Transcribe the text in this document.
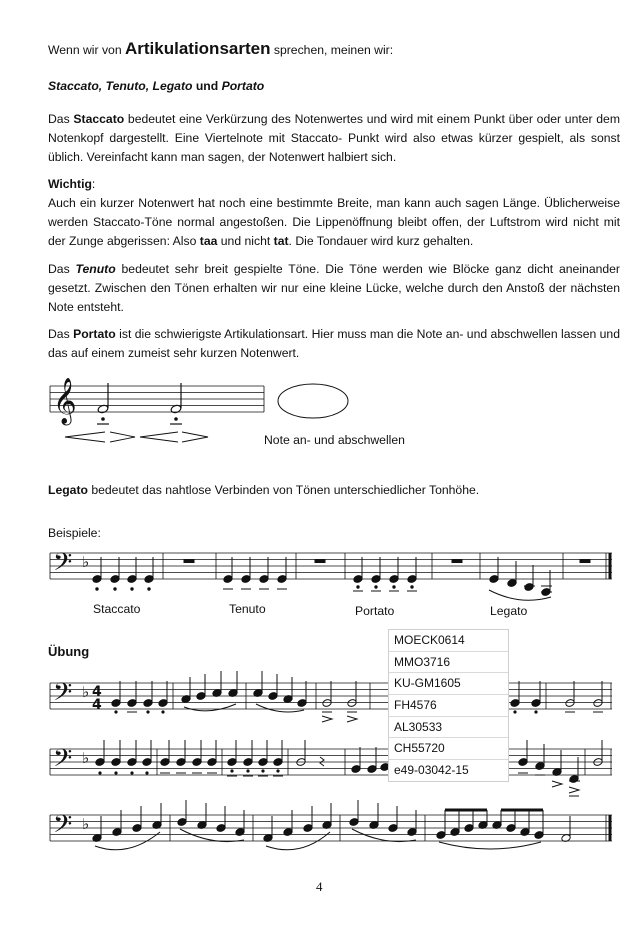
Wenn wir von Artikulationsarten sprechen, meinen wir:

Staccato, Tenuto, Legato und Portato

Das Staccato bedeutet eine Verkürzung des Notenwertes und wird mit einem Punkt über oder unter dem Notenkopf dargestellt. Eine Viertelnote mit Staccato- Punkt wird also etwas kürzer gespielt, als sonst üblich. Vereinfacht kann man sagen, der Notenwert halbiert sich.

Wichtig:
Auch ein kurzer Notenwert hat noch eine bestimmte Breite, man kann auch sagen Länge. Üblicherweise werden Staccato-Töne normal angestoßen. Die Lippenöffnung bleibt offen, der Luftstrom wird nicht mit der Zunge abgerissen: Also taa und nicht tat. Die Tondauer wird kurz gehalten.

Das Tenuto bedeutet sehr breit gespielte Töne. Die Töne werden wie Blöcke ganz dicht aneinander gesetzt. Zwischen den Tönen erhalten wir nur eine kleine Lücke, welche durch den Anstoß der nächsten Note entsteht.

Das Portato ist die schwierigste Artikulationsart. Hier muss man die Note an- und abschwellen lassen und das auf einem zumeist sehr kurzen Notenwert.

𝄞
𝄢 ♭
𝄢 ♭ 4
4
𝄢 ♭
𝄢 ♭
Note an- und abschwellen

Legato bedeutet das nahtlose Verbinden von Tönen unterschiedlicher Tonhöhe.

Beispiele:
Staccato	Tenuto	Portato	Legato
Übung
MOECK0614
MMO3716
KU-GM1605
FH4576
AL30533
CH55720
e49-03042-15
4
